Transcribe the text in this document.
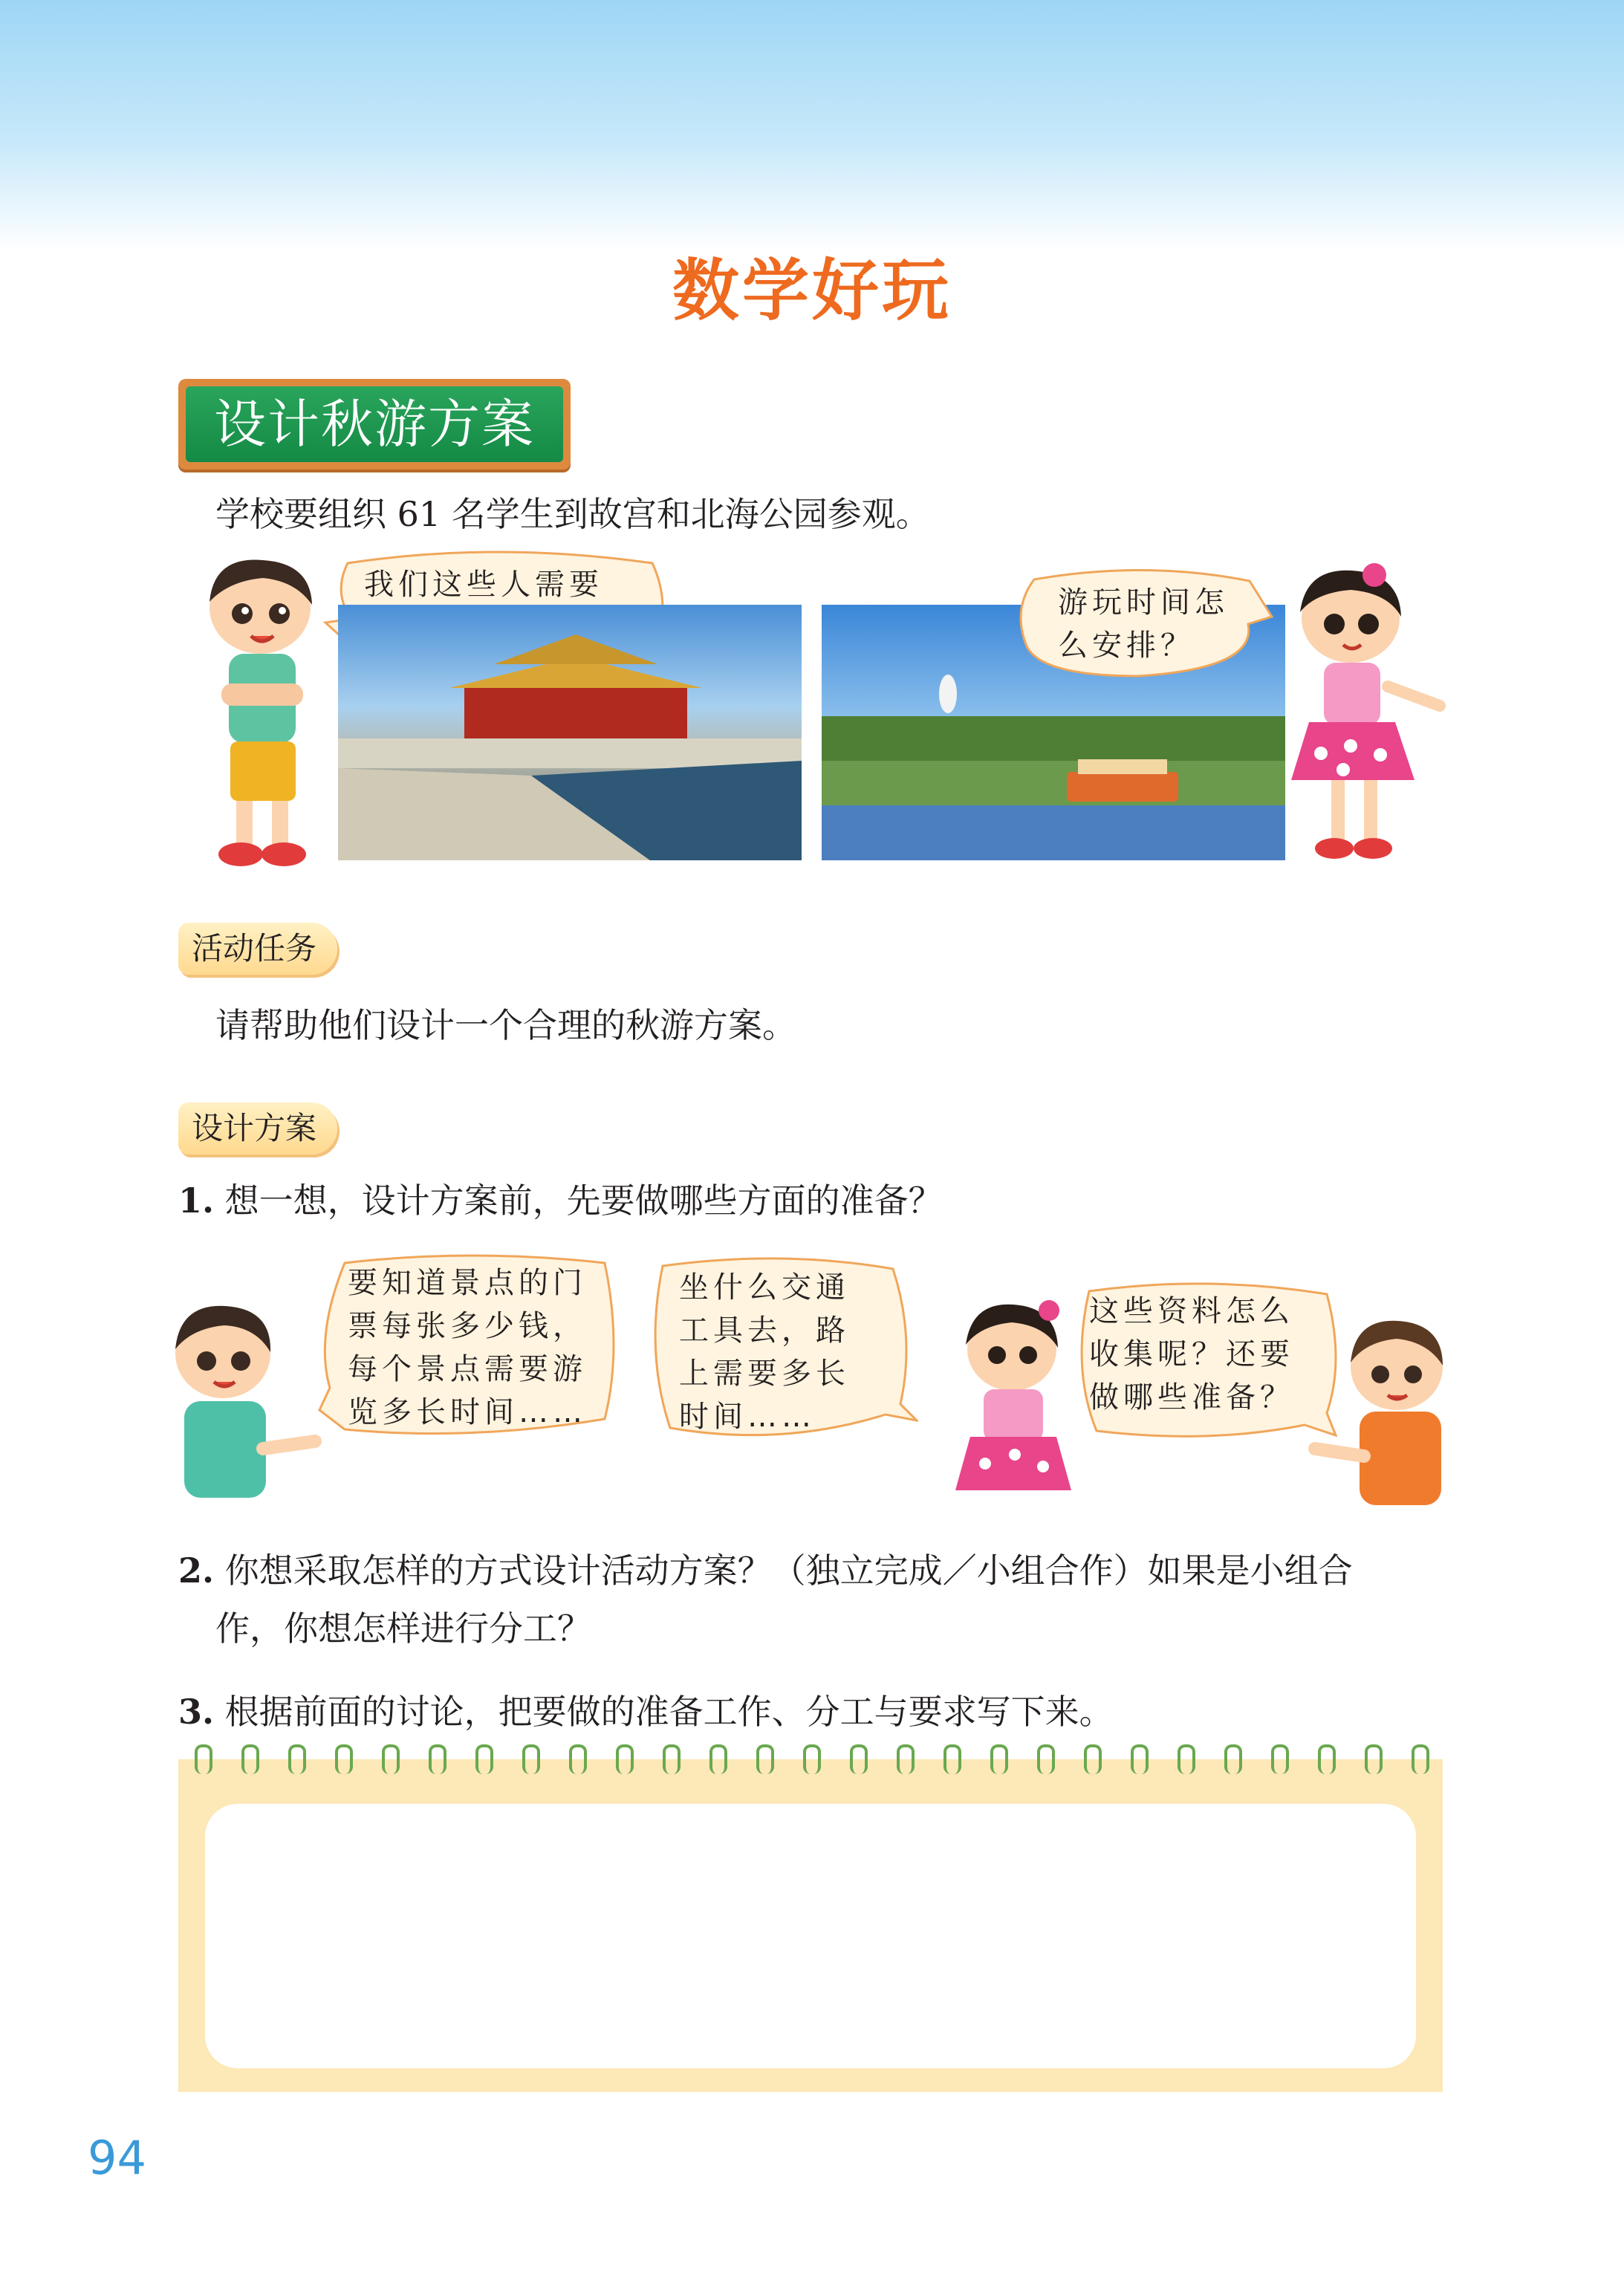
数学好玩
设计秋游方案
学校要组织 61 名学生到故宫和北海公园参观。
我们这些人需要

游玩时间怎
么安排？
活动任务
请帮助他们设计一个合理的秋游方案。
设计方案
1. 想一想，设计方案前，先要做哪些方面的准备？
要知道景点的门
票每张多少钱，
每个景点需要游
览多长时间……
坐什么交通
工具去，路
上需要多长
时间……
这些资料怎么
收集呢？还要
做哪些准备？
2. 你想采取怎样的方式设计活动方案？（独立完成／小组合作）如果是小组合
作，你想怎样进行分工？
3. 根据前面的讨论，把要做的准备工作、分工与要求写下来。
94
